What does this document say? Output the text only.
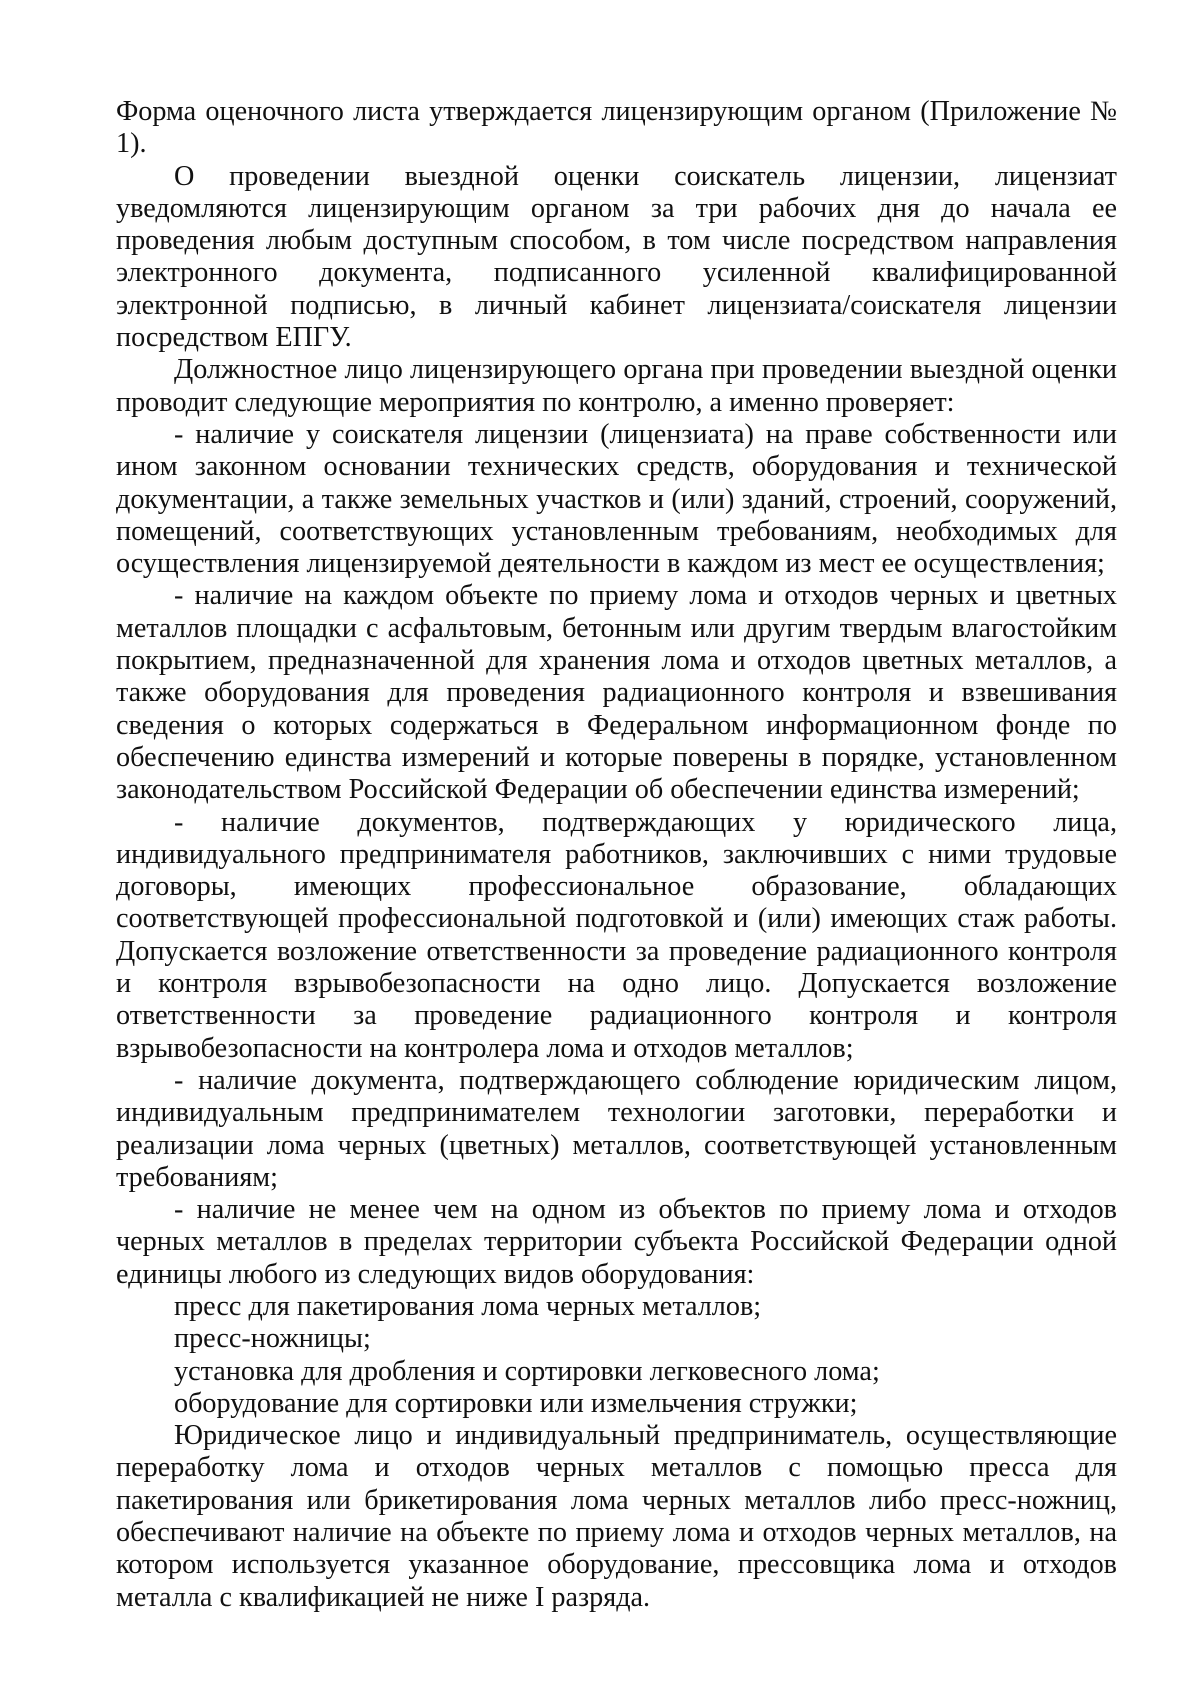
Форма оценочного листа утверждается лицензирующим органом (Приложение № 1).

О проведении выездной оценки соискатель лицензии, лицензиат уведомляются лицензирующим органом за три рабочих дня до начала ее проведения любым доступным способом, в том числе посредством направления электронного документа, подписанного усиленной квалифицированной электронной подписью, в личный кабинет лицензиата/соискателя лицензии посредством ЕПГУ.

Должностное лицо лицензирующего органа при проведении выездной оценки проводит следующие мероприятия по контролю, а именно проверяет:

- наличие у соискателя лицензии (лицензиата) на праве собственности или ином законном основании технических средств, оборудования и технической документации, а также земельных участков и (или) зданий, строений, сооружений, помещений, соответствующих установленным требованиям, необходимых для осуществления лицензируемой деятельности в каждом из мест ее осуществления;

- наличие на каждом объекте по приему лома и отходов черных и цветных металлов площадки с асфальтовым, бетонным или другим твердым влагостойким покрытием, предназначенной для хранения лома и отходов цветных металлов, а также оборудования для проведения радиационного контроля и взвешивания сведения о которых содержаться в Федеральном информационном фонде по обеспечению единства измерений и которые поверены в порядке, установленном законодательством Российской Федерации об обеспечении единства измерений;

- наличие документов, подтверждающих у юридического лица, индивидуального предпринимателя работников, заключивших с ними трудовые договоры, имеющих профессиональное образование, обладающих соответствующей профессиональной подготовкой и (или) имеющих стаж работы. Допускается возложение ответственности за проведение радиационного контроля и контроля взрывобезопасности на одно лицо. Допускается возложение ответственности за проведение радиационного контроля и контроля взрывобезопасности на контролера лома и отходов металлов;

- наличие документа, подтверждающего соблюдение юридическим лицом, индивидуальным предпринимателем технологии заготовки, переработки и реализации лома черных (цветных) металлов, соответствующей установленным требованиям;

- наличие не менее чем на одном из объектов по приему лома и отходов черных металлов в пределах территории субъекта Российской Федерации одной единицы любого из следующих видов оборудования:

пресс для пакетирования лома черных металлов;

пресс-ножницы;

установка для дробления и сортировки легковесного лома;

оборудование для сортировки или измельчения стружки;

Юридическое лицо и индивидуальный предприниматель, осуществляющие переработку лома и отходов черных металлов с помощью пресса для пакетирования или брикетирования лома черных металлов либо пресс-ножниц, обеспечивают наличие на объекте по приему лома и отходов черных металлов, на котором используется указанное оборудование, прессовщика лома и отходов металла с квалификацией не ниже I разряда.
